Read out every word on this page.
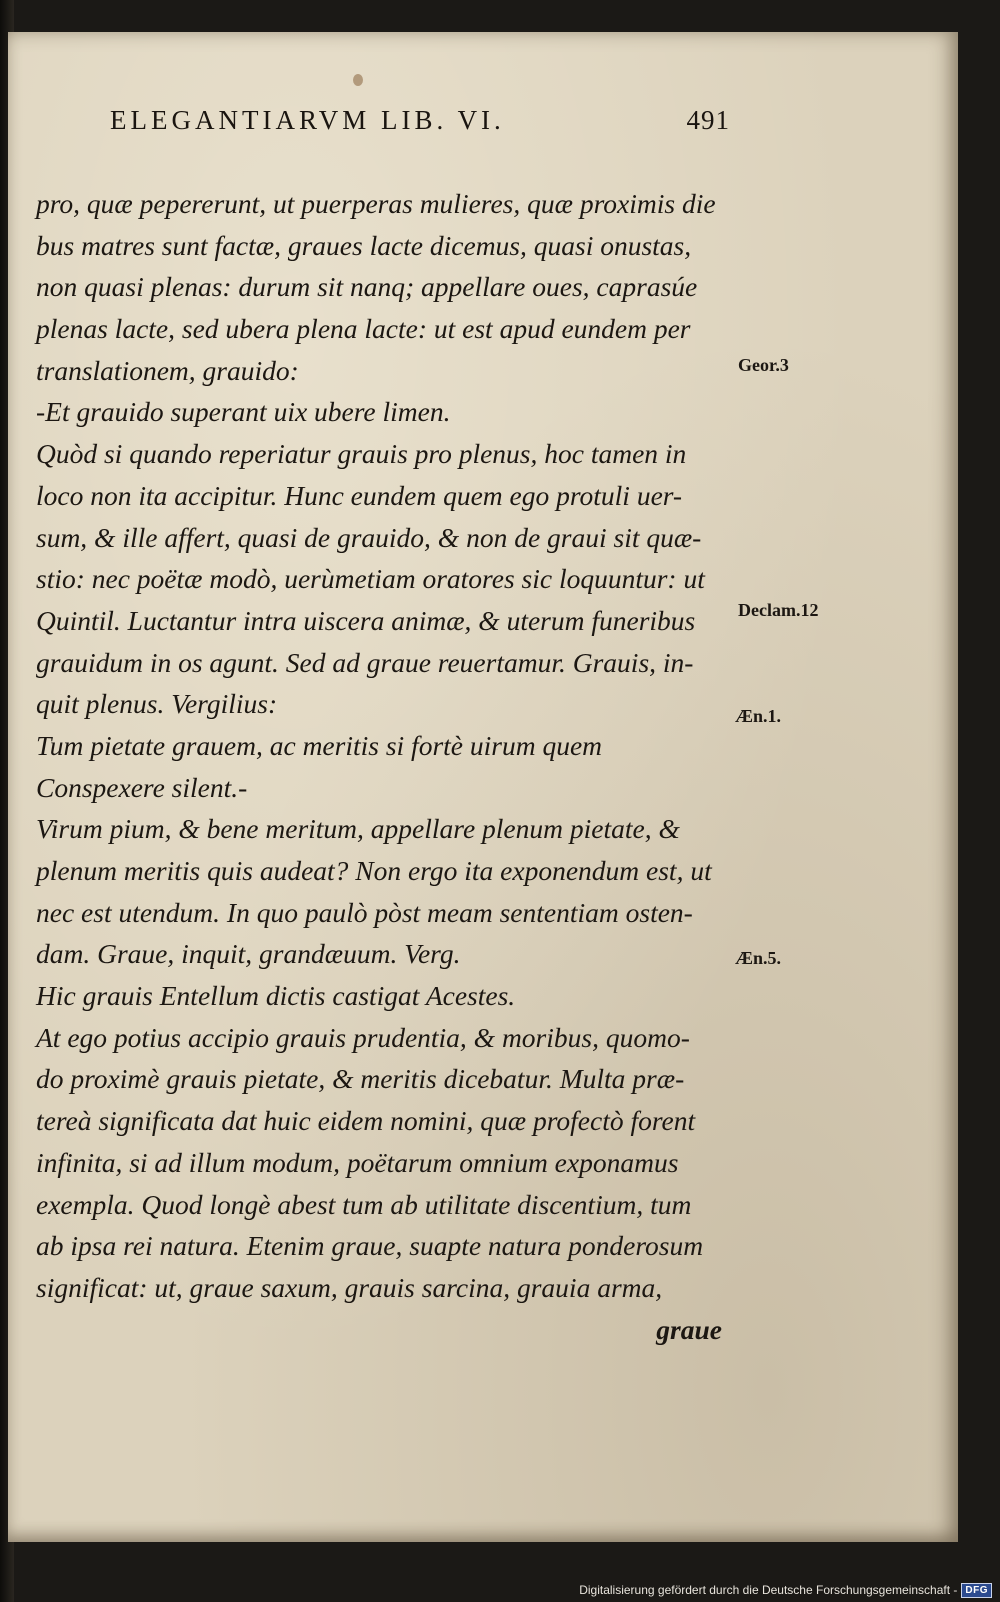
ELEGANTIARVM LIB. VI.	491
pro, quæ pepererunt, ut puerperas mulieres, quæ proximis die
bus matres sunt factæ, graues lacte dicemus, quasi onustas,
non quasi plenas: durum sit nanq; appellare oues, caprasúe
plenas lacte, sed ubera plena lacte: ut est apud eundem per
translationem, grauido:
-Et grauido superant uix ubere limen.
Quòd si quando reperiatur grauis pro plenus, hoc tamen in
loco non ita accipitur. Hunc eundem quem ego protuli uer-
sum, & ille affert, quasi de grauido, & non de graui sit quæ-
stio: nec poëtæ modò, uerùmetiam oratores sic loquuntur: ut
Quintil. Luctantur intra uiscera animæ, & uterum funeribus
grauidum in os agunt. Sed ad graue reuertamur. Grauis, in-
quit plenus. Vergilius:
Tum pietate grauem, ac meritis si fortè uirum quem
Conspexere silent.-
Virum pium, & bene meritum, appellare plenum pietate, &
plenum meritis quis audeat? Non ergo ita exponendum est, ut
nec est utendum. In quo paulò pòst meam sententiam osten-
dam. Graue, inquit, grandæuum. Verg.
Hic grauis Entellum dictis castigat Acestes.
At ego potius accipio grauis prudentia, & moribus, quomo-
do proximè grauis pietate, & meritis dicebatur. Multa præ-
tereà significata dat huic eidem nomini, quæ profectò forent
infinita, si ad illum modum, poëtarum omnium exponamus
exempla. Quod longè abest tum ab utilitate discentium, tum
ab ipsa rei natura. Etenim graue, suapte natura ponderosum
significat: ut, graue saxum, grauis sarcina, grauia arma,
graue
Geor.3
Declam.12
Æn.1.
Æn.5.
Digitalisierung gefördert durch die Deutsche Forschungsgemeinschaft - DFG
